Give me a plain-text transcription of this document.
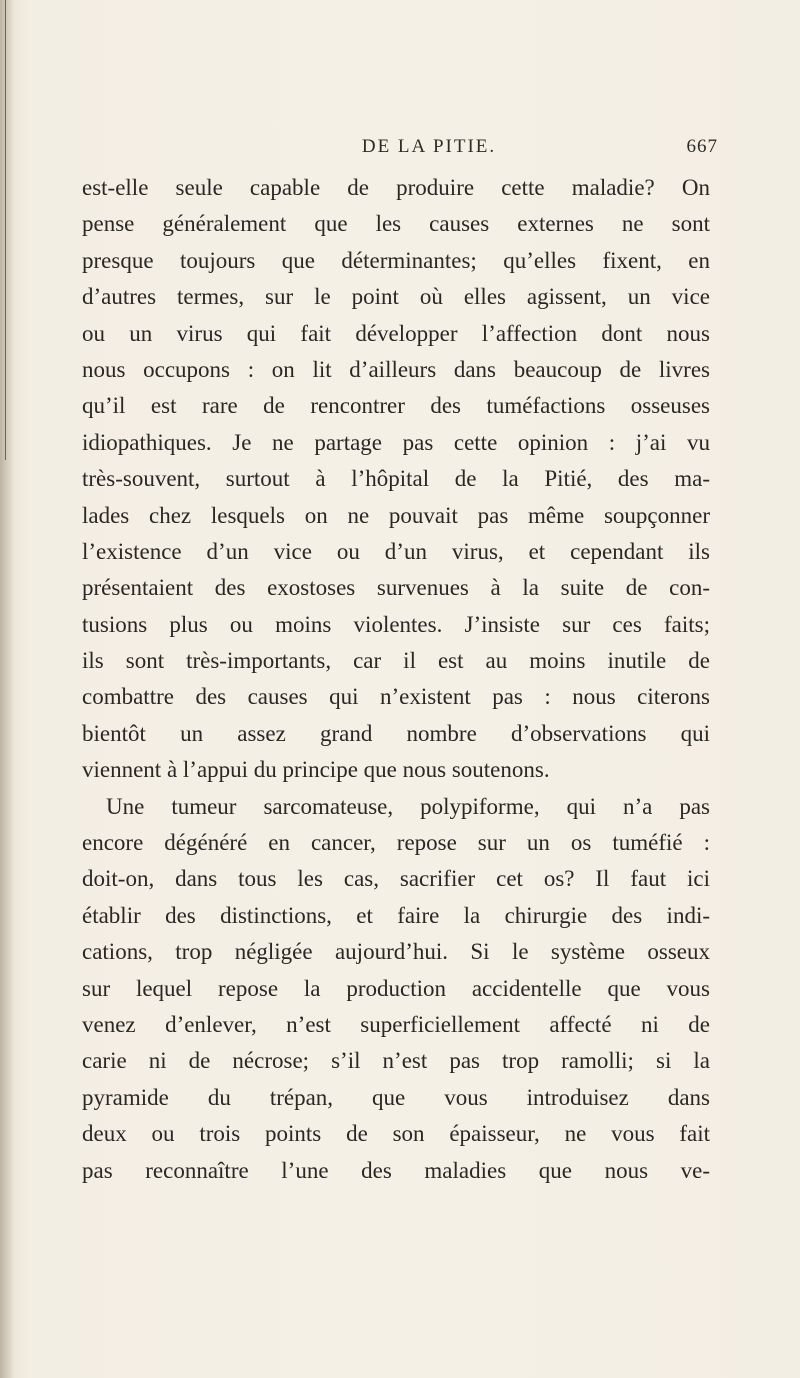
DE LA PITIE.	667
est-elle seule capable de produire cette maladie? On
pense généralement que les causes externes ne sont
presque toujours que déterminantes; qu’elles fixent, en
d’autres termes, sur le point où elles agissent, un vice
ou un virus qui fait développer l’affection dont nous
nous occupons : on lit d’ailleurs dans beaucoup de livres
qu’il est rare de rencontrer des tuméfactions osseuses
idiopathiques. Je ne partage pas cette opinion : j’ai vu
très-souvent, surtout à l’hôpital de la Pitié, des ma-
lades chez lesquels on ne pouvait pas même soupçonner
l’existence d’un vice ou d’un virus, et cependant ils
présentaient des exostoses survenues à la suite de con-
tusions plus ou moins violentes. J’insiste sur ces faits;
ils sont très-importants, car il est au moins inutile de
combattre des causes qui n’existent pas : nous citerons
bientôt un assez grand nombre d’observations qui
viennent à l’appui du principe que nous soutenons.
Une tumeur sarcomateuse, polypiforme, qui n’a pas
encore dégénéré en cancer, repose sur un os tuméfié :
doit-on, dans tous les cas, sacrifier cet os? Il faut ici
établir des distinctions, et faire la chirurgie des indi-
cations, trop négligée aujourd’hui. Si le système osseux
sur lequel repose la production accidentelle que vous
venez d’enlever, n’est superficiellement affecté ni de
carie ni de nécrose; s’il n’est pas trop ramolli; si la
pyramide du trépan, que vous introduisez dans
deux ou trois points de son épaisseur, ne vous fait
pas reconnaître l’une des maladies que nous ve-
